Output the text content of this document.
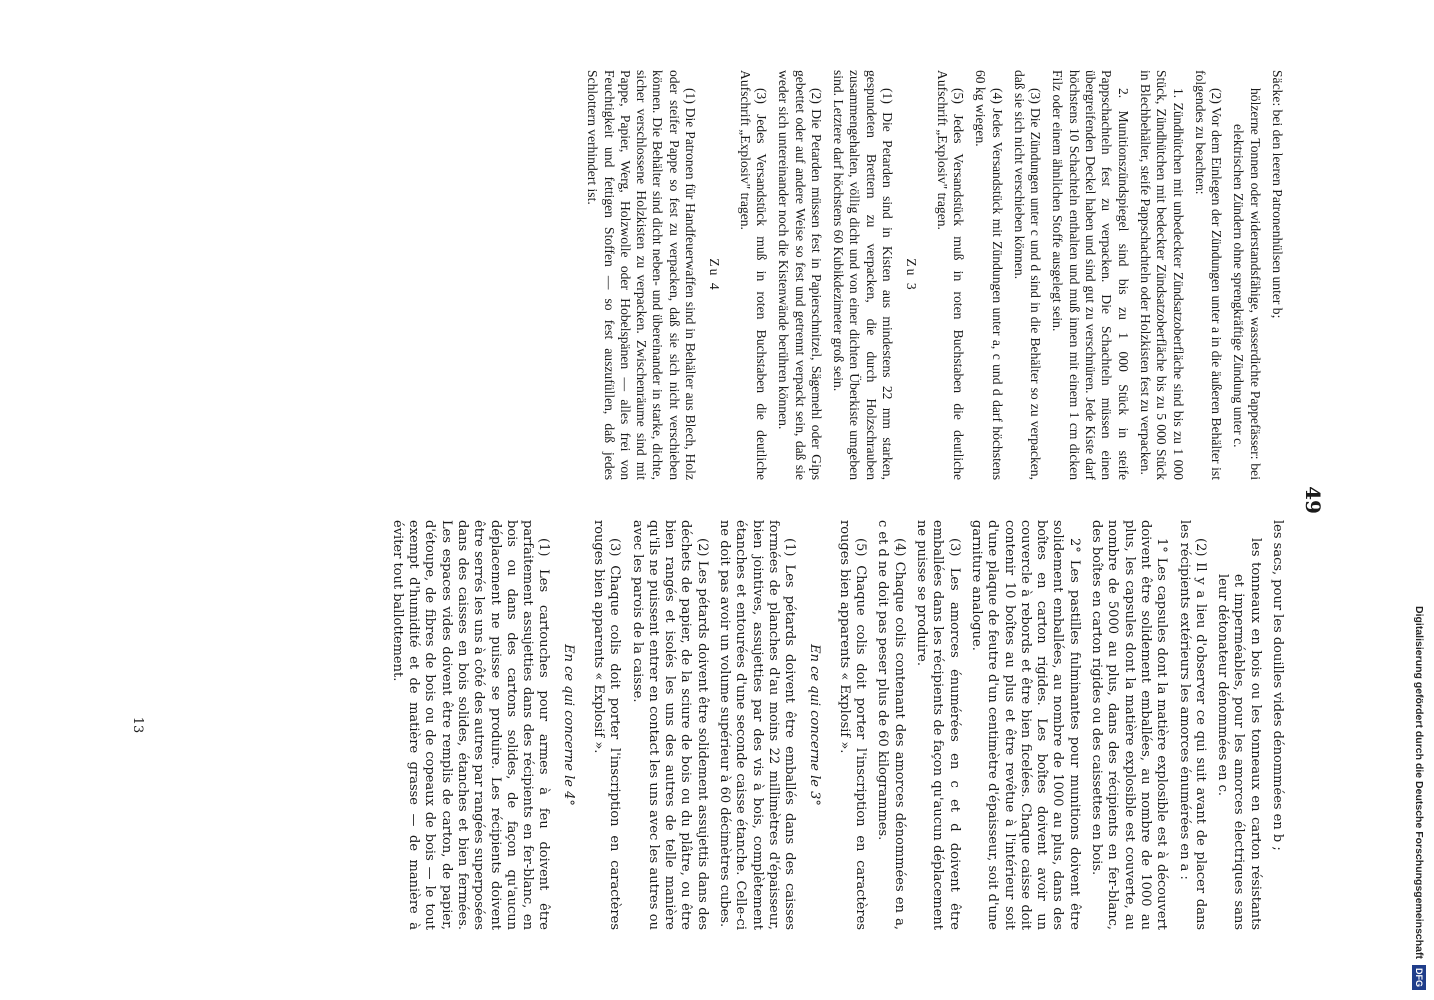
49

Säcke: bei den leeren Patronenhülsen unter b;

hölzerne Tonnen oder widerstandsfähige, wasserdichte Pappefässer: bei elektrischen Zündern ohne sprengkräftige Zündung unter c.

(2) Vor dem Einlegen der Zündungen unter a in die äußeren Behälter ist folgendes zu beachten:

1. Zündhütchen mit unbedeckter Zündsatzoberfläche sind bis zu 1 000 Stück, Zündhütchen mit bedeckter Zündsatzoberfläche bis zu 5 000 Stück in Blechbehälter, steife Pappschachteln oder Holzkisten fest zu verpacken.

2. Munitionszündspiegel sind bis zu 1 000 Stück in steife Pappschachteln fest zu verpacken. Die Schachteln müssen einen übergreifenden Deckel haben und sind gut zu verschnüren. Jede Kiste darf höchstens 10 Schachteln enthalten und muß innen mit einem 1 cm dicken Filz oder einem ähnlichen Stoffe ausgelegt sein.

(3) Die Zündungen unter c und d sind in die Behälter so zu verpacken, daß sie sich nicht verschieben können.

(4) Jedes Versandstück mit Zündungen unter a, c und d darf höchstens 60 kg wiegen.

(5) Jedes Versandstück muß in roten Buchstaben die deutliche Aufschrift „Explosiv" tragen.

Zu 3

(1) Die Petarden sind in Kisten aus mindestens 22 mm starken, gespundeten Brettern zu verpacken, die durch Holzschrauben zusammengehalten, völlig dicht und von einer dichten Überkiste umgeben sind. Letztere darf höchstens 60 Kubikdezimeter groß sein.

(2) Die Petarden müssen fest in Papierschnitzel, Sägemehl oder Gips gebettet oder auf andere Weise so fest und getrennt verpackt sein, daß sie weder sich untereinander noch die Kistenwände berühren können.

(3) Jedes Versandstück muß in roten Buchstaben die deutliche Aufschrift „Explosiv" tragen.

Zu 4

(1) Die Patronen für Handfeuerwaffen sind in Behälter aus Blech, Holz oder steifer Pappe so fest zu verpacken, daß sie sich nicht verschieben können. Die Behälter sind dicht neben- und übereinander in starke, dichte, sicher verschlossene Holzkisten zu verpacken. Zwischenräume sind mit Pappe, Papier, Werg, Holzwolle oder Hobelspänen — alles frei von Feuchtigkeit und fettigen Stoffen — so fest auszufüllen, daß jedes Schlottern verhindert ist.

les sacs, pour les douilles vides dénommées en b ;

les tonneaux en bois ou les tonneaux en carton résistants et imperméables, pour les amorces électriques sans leur détonateur dénommées en c.

(2) Il y a lieu d'observer ce qui suit avant de placer dans les récipients extérieurs les amorces énumérées en a :

1° Les capsules dont la matière explosible est à découvert doivent être solidement emballées, au nombre de 1000 au plus, les capsules dont la matière explosible est couverte, au nombre de 5000 au plus, dans des récipients en fer-blanc, des boîtes en carton rigides ou des caissettes en bois.

2° Les pastilles fulminantes pour munitions doivent être solidement emballées, au nombre de 1000 au plus, dans des boîtes en carton rigides. Les boîtes doivent avoir un couvercle à rebords et être bien ficelées. Chaque caisse doit contenir 10 boîtes au plus et être revêtue à l'intérieur soit d'une plaque de feutre d'un centimètre d'épaisseur, soit d'une garniture analogue.

(3) Les amorces énumérées en c et d doivent être emballées dans les récipients de façon qu'aucun déplacement ne puisse se produire.

(4) Chaque colis contenant des amorces dénommées en a, c et d ne doit pas peser plus de 60 kilogrammes.

(5) Chaque colis doit porter l'inscription en caractères rouges bien apparents « Explosif ».

En ce qui concerne le 3°

(1) Les pétards doivent être emballés dans des caisses formées de planches d'au moins 22 millimètres d'épaisseur, bien jointives, assujetties par des vis à bois, complètement étanches et entourées d'une seconde caisse étanche. Celle-ci ne doit pas avoir un volume supérieur à 60 décimètres cubes.

(2) Les pétards doivent être solidement assujettis dans des déchets de papier, de la sciure de bois ou du plâtre, ou être bien rangés et isolés les uns des autres de telle manière qu'ils ne puissent entrer en contact les uns avec les autres ou avec les parois de la caisse.

(3) Chaque colis doit porter l'inscription en caractères rouges bien apparents « Explosif ».

En ce qui concerne le 4°

(1) Les cartouches pour armes à feu doivent être parfaitement assujetties dans des récipients en fer-blanc, en bois ou dans des cartons solides, de façon qu'aucun déplacement ne puisse se produire. Les récipients doivent être serrés les uns à côté des autres par rangées superposées dans des caisses en bois solides, étanches et bien fermées. Les espaces vides doivent être remplis de carton, de papier, d'étoupe, de fibres de bois ou de copeaux de bois — le tout exempt d'humidité et de matière grasse — de manière à éviter tout ballottement.

13	Digitalisierung gefördert durch die Deutsche Forschungsgemeinschaft
DFG
